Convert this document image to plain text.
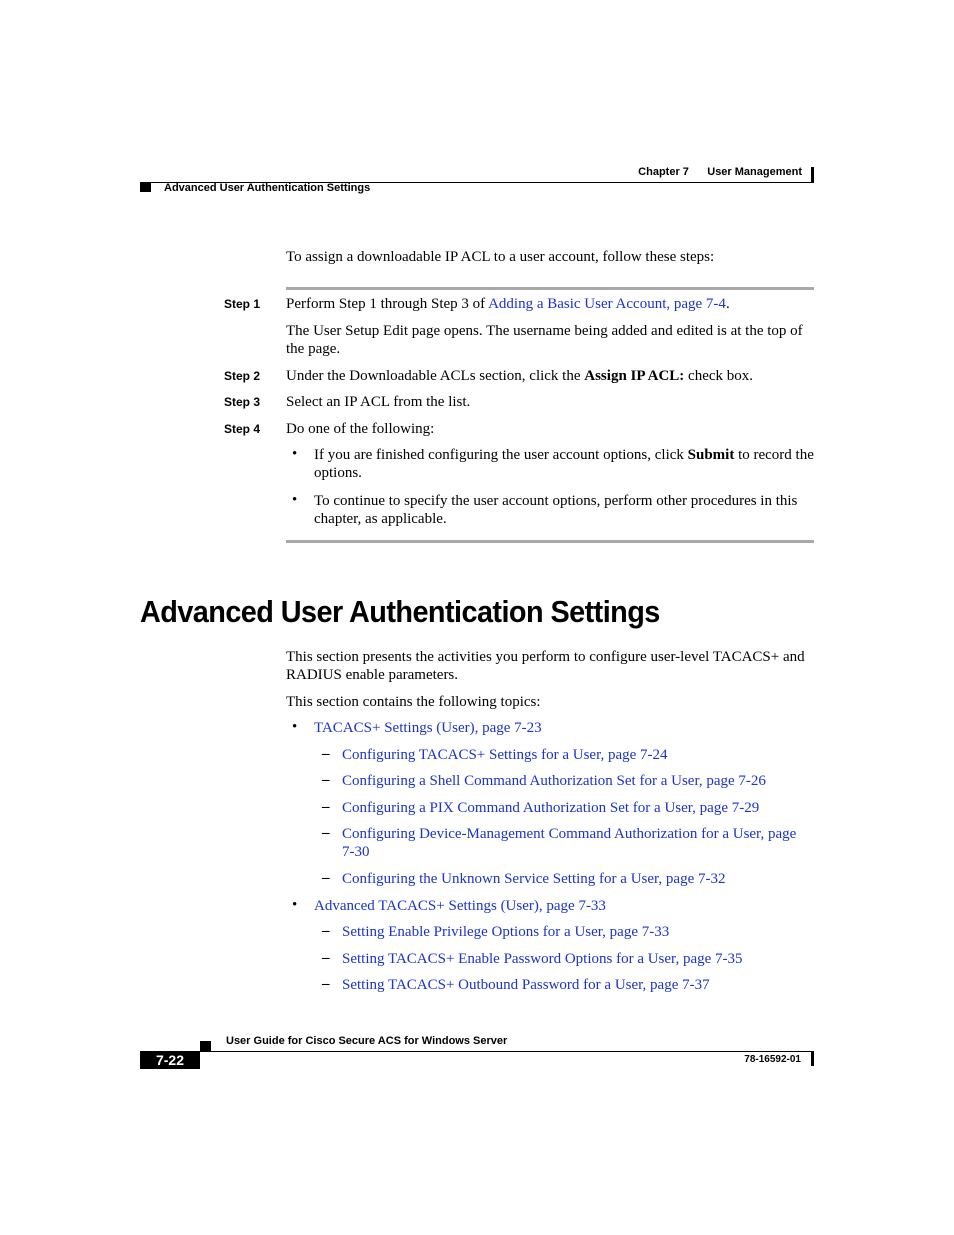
Chapter 7      User Management
Advanced User Authentication Settings
To assign a downloadable IP ACL to a user account, follow these steps:
Step 1 Perform Step 1 through Step 3 of Adding a Basic User Account, page 7-4.
The User Setup Edit page opens. The username being added and edited is at the top of the page.
Step 2 Under the Downloadable ACLs section, click the Assign IP ACL: check box.
Step 3 Select an IP ACL from the list.
Step 4 Do one of the following:
• If you are finished configuring the user account options, click Submit to record the options.
• To continue to specify the user account options, perform other procedures in this chapter, as applicable.
Advanced User Authentication Settings
This section presents the activities you perform to configure user-level TACACS+ and RADIUS enable parameters.
This section contains the following topics:
• TACACS+ Settings (User), page 7-23
– Configuring TACACS+ Settings for a User, page 7-24
– Configuring a Shell Command Authorization Set for a User, page 7-26
– Configuring a PIX Command Authorization Set for a User, page 7-29
– Configuring Device-Management Command Authorization for a User, page 7-30
– Configuring the Unknown Service Setting for a User, page 7-32
• Advanced TACACS+ Settings (User), page 7-33
– Setting Enable Privilege Options for a User, page 7-33
– Setting TACACS+ Enable Password Options for a User, page 7-35
– Setting TACACS+ Outbound Password for a User, page 7-37
User Guide for Cisco Secure ACS for Windows Server
7-22	78-16592-01
